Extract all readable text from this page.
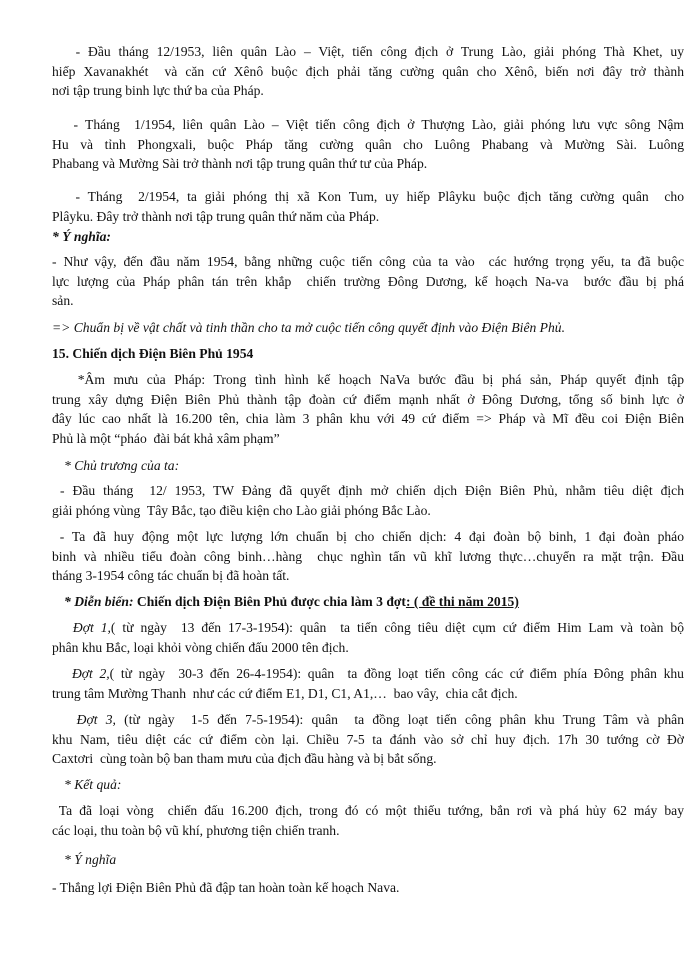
- Đầu tháng 12/1953, liên quân Lào – Việt, tiến công địch ở Trung Lào, giải phóng Thà Khet, uy
hiếp Xavanakhét  và căn cứ Xênô buộc địch phải tăng cường quân cho Xênô, biến nơi đây trở thành
nơi tập trung binh lực thứ ba của Pháp.
- Tháng  1/1954, liên quân Lào – Việt tiến công địch ở Thượng Lào, giải phóng lưu vực sông Nậm
Hu và tỉnh Phongxali, buộc Pháp tăng cường quân cho Luông Phabang và Mường Sài. Luông
Phabang và Mường Sài trở thành nơi tập trung quân thứ tư của Pháp.
- Tháng  2/1954, ta giải phóng thị xã Kon Tum, uy hiếp Plâyku buộc địch tăng cường quân  cho
Plâyku. Đây trở thành nơi tập trung quân thứ năm của Pháp.
* Ý nghĩa:
- Như vậy, đến đầu năm 1954, bằng những cuộc tiến công của ta vào  các hướng trọng yếu, ta đã buộc
lực lượng của Pháp phân tán trên khắp  chiến trường Đông Dương, kế hoạch Na-va  bước đầu bị phá
sản.
=> Chuẩn bị về vật chất và tinh thần cho ta mở cuộc tiến công quyết định vào Điện Biên Phủ.
15. Chiến dịch Điện Biên Phủ 1954
*Âm mưu của Pháp: Trong tình hình kế hoạch NaVa bước đầu bị phá sản, Pháp quyết định tập
trung xây dựng Điện Biên Phủ thành tập đoàn cứ điểm mạnh nhất ở Đông Dương, tổng số binh lực ở
đây lúc cao nhất là 16.200 tên, chia làm 3 phân khu với 49 cứ điểm => Pháp và Mĩ đều coi Điện Biên
Phủ là một “pháo  đài bát khả xâm phạm”
* Chủ trương của ta:
- Đầu tháng  12/ 1953, TW Đảng đã quyết định mở chiến dịch Điện Biên Phủ, nhằm tiêu diệt địch
giải phóng vùng  Tây Bắc, tạo điều kiện cho Lào giải phóng Bắc Lào.
- Ta đã huy động một lực lượng lớn chuẩn bị cho chiến dịch: 4 đại đoàn bộ binh, 1 đại đoàn pháo
binh và nhiều tiểu đoàn công binh…hàng  chục nghìn tấn vũ khĩ lương thực…chuyển ra mặt trận. Đầu
tháng 3-1954 công tác chuẩn bị đã hoàn tất.
* Diễn biến: Chiến dịch Điện Biên Phủ được chia làm 3 đợt: ( đề thi năm 2015)
Đợt 1,( từ ngày  13 đến 17-3-1954): quân  ta tiến công tiêu diệt cụm cứ điểm Him Lam và toàn bộ
phân khu Bắc, loại khỏi vòng chiến đấu 2000 tên địch.
Đợt 2,( từ ngày  30-3 đến 26-4-1954): quân  ta đồng loạt tiến công các cứ điểm phía Đông phân khu
trung tâm Mường Thanh  như các cứ điểm E1, D1, C1, A1,…  bao vây,  chia cắt địch.
Đợt 3, (từ ngày  1-5 đến 7-5-1954): quân  ta đồng loạt tiến công phân khu Trung Tâm và phân
khu Nam, tiêu diệt các cứ điểm còn lại. Chiều 7-5 ta đánh vào sở chỉ huy địch. 17h 30 tướng cờ Đờ
Caxtơri  cùng toàn bộ ban tham mưu của địch đầu hàng và bị bắt sống.
* Kết quả:
Ta đã loại vòng  chiến đấu 16.200 địch, trong đó có một thiếu tướng, bắn rơi và phá hủy 62 máy bay
các loại, thu toàn bộ vũ khí, phương tiện chiến tranh.
* Ý nghĩa
- Thắng lợi Điện Biên Phủ đã đập tan hoàn toàn kế hoạch Nava.
